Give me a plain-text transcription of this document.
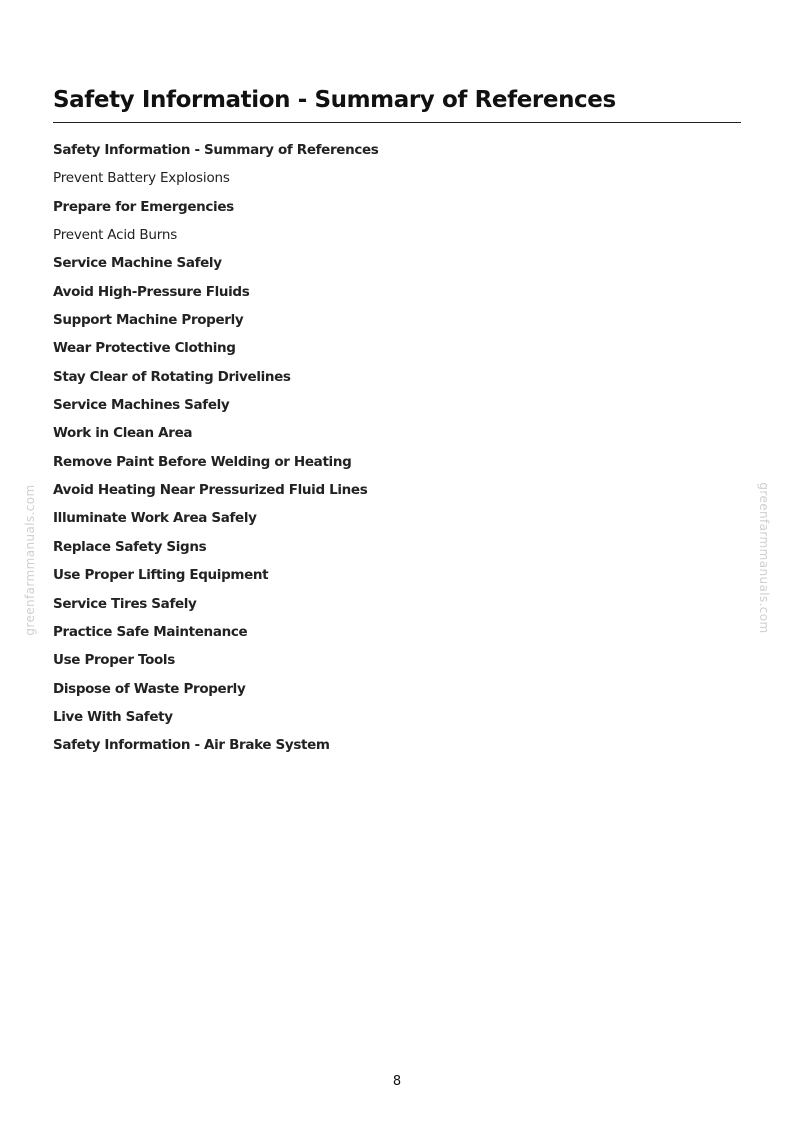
Safety Information - Summary of References
Safety Information - Summary of References
Prevent Battery Explosions
Prepare for Emergencies
Prevent Acid Burns
Service Machine Safely
Avoid High-Pressure Fluids
Support Machine Properly
Wear Protective Clothing
Stay Clear of Rotating Drivelines
Service Machines Safely
Work in Clean Area
Remove Paint Before Welding or Heating
Avoid Heating Near Pressurized Fluid Lines
Illuminate Work Area Safely
Replace Safety Signs
Use Proper Lifting Equipment
Service Tires Safely
Practice Safe Maintenance
Use Proper Tools
Dispose of Waste Properly
Live With Safety
Safety Information - Air Brake System
greenfarmmanuals.com	greenfarmmanuals.com
8
